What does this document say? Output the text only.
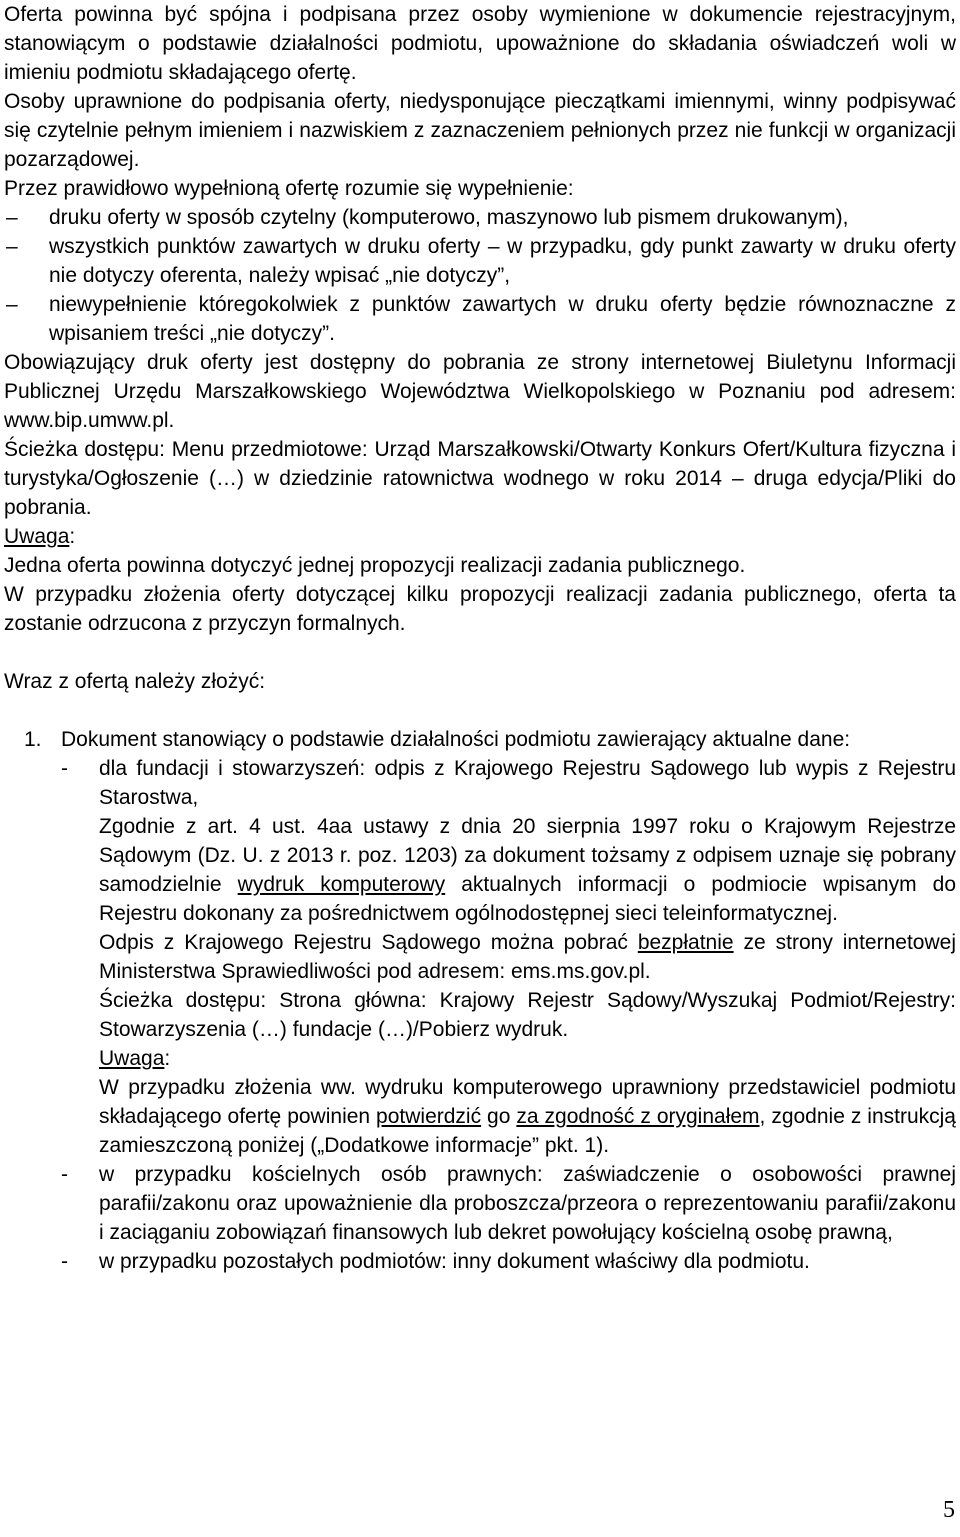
Oferta powinna być spójna i podpisana przez osoby wymienione w dokumencie rejestracyjnym, stanowiącym o podstawie działalności podmiotu, upoważnione do składania oświadczeń woli w imieniu podmiotu składającego ofertę.

Osoby uprawnione do podpisania oferty, niedysponujące pieczątkami imiennymi, winny podpisywać się czytelnie pełnym imieniem i nazwiskiem z zaznaczeniem pełnionych przez nie funkcji w organizacji pozarządowej.

Przez prawidłowo wypełnioną ofertę rozumie się wypełnienie:

–	druku oferty w sposób czytelny (komputerowo, maszynowo lub pismem drukowanym),
–	wszystkich punktów zawartych w druku oferty – w przypadku, gdy punkt zawarty w druku oferty nie dotyczy oferenta, należy wpisać „nie dotyczy”,
–	niewypełnienie któregokolwiek z punktów zawartych w druku oferty będzie równoznaczne z wpisaniem treści „nie dotyczy”.

Obowiązujący druk oferty jest dostępny do pobrania ze strony internetowej Biuletynu Informacji Publicznej Urzędu Marszałkowskiego Województwa Wielkopolskiego w Poznaniu pod adresem: www.bip.umww.pl.

Ścieżka dostępu: Menu przedmiotowe: Urząd Marszałkowski/Otwarty Konkurs Ofert/Kultura fizyczna i turystyka/Ogłoszenie (…) w dziedzinie ratownictwa wodnego w roku 2014 – druga edycja/Pliki do pobrania.

Uwaga:

Jedna oferta powinna dotyczyć jednej propozycji realizacji zadania publicznego.

W przypadku złożenia oferty dotyczącej kilku propozycji realizacji zadania publicznego, oferta ta zostanie odrzucona z przyczyn formalnych.

Wraz z ofertą należy złożyć:

1. Dokument stanowiący o podstawie działalności podmiotu zawierający aktualne dane:
-	dla fundacji i stowarzyszeń: odpis z Krajowego Rejestru Sądowego lub wypis z Rejestru Starostwa,
Zgodnie z art. 4 ust. 4aa ustawy z dnia 20 sierpnia 1997 roku o Krajowym Rejestrze Sądowym (Dz. U. z 2013 r. poz. 1203) za dokument tożsamy z odpisem uznaje się pobrany samodzielnie wydruk komputerowy aktualnych informacji o podmiocie wpisanym do Rejestru dokonany za pośrednictwem ogólnodostępnej sieci teleinformatycznej.
Odpis z Krajowego Rejestru Sądowego można pobrać bezpłatnie ze strony internetowej Ministerstwa Sprawiedliwości pod adresem: ems.ms.gov.pl.
Ścieżka dostępu: Strona główna: Krajowy Rejestr Sądowy/Wyszukaj Podmiot/Rejestry: Stowarzyszenia (…) fundacje (…)/Pobierz wydruk.
Uwaga:
W przypadku złożenia ww. wydruku komputerowego uprawniony przedstawiciel podmiotu składającego ofertę powinien potwierdzić go za zgodność z oryginałem, zgodnie z instrukcją zamieszczoną poniżej („Dodatkowe informacje” pkt. 1).
-	w przypadku kościelnych osób prawnych: zaświadczenie o osobowości prawnej parafii/zakonu oraz upoważnienie dla proboszcza/przeora o reprezentowaniu parafii/zakonu i zaciąganiu zobowiązań finansowych lub dekret powołujący kościelną osobę prawną,
-	w przypadku pozostałych podmiotów: inny dokument właściwy dla podmiotu.
5
